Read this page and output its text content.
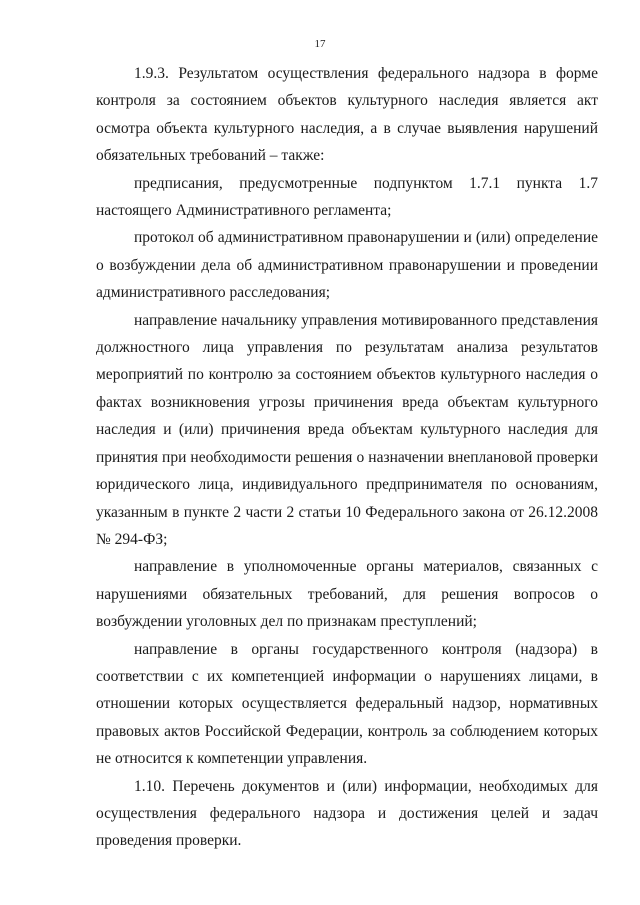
17

1.9.3. Результатом осуществления федерального надзора в форме контроля за состоянием объектов культурного наследия является акт осмотра объекта культурного наследия, а в случае выявления нарушений обязательных требований – также:

предписания, предусмотренные подпунктом 1.7.1 пункта 1.7 настоящего Административного регламента;

протокол об административном правонарушении и (или) определение о возбуждении дела об административном правонарушении и проведении административного расследования;

направление начальнику управления мотивированного представления должностного лица управления по результатам анализа результатов мероприятий по контролю за состоянием объектов культурного наследия о фактах возникновения угрозы причинения вреда объектам культурного наследия и (или) причинения вреда объектам культурного наследия для принятия при необходимости решения о назначении внеплановой проверки юридического лица, индивидуального предпринимателя по основаниям, указанным в пункте 2 части 2 статьи 10 Федерального закона от 26.12.2008 № 294-ФЗ;

направление в уполномоченные органы материалов, связанных с нарушениями обязательных требований, для решения вопросов о возбуждении уголовных дел по признакам преступлений;

направление в органы государственного контроля (надзора) в соответствии с их компетенцией информации о нарушениях лицами, в отношении которых осуществляется федеральный надзор, нормативных правовых актов Российской Федерации, контроль за соблюдением которых не относится к компетенции управления.

1.10. Перечень документов и (или) информации, необходимых для осуществления федерального надзора и достижения целей и задач проведения проверки.
